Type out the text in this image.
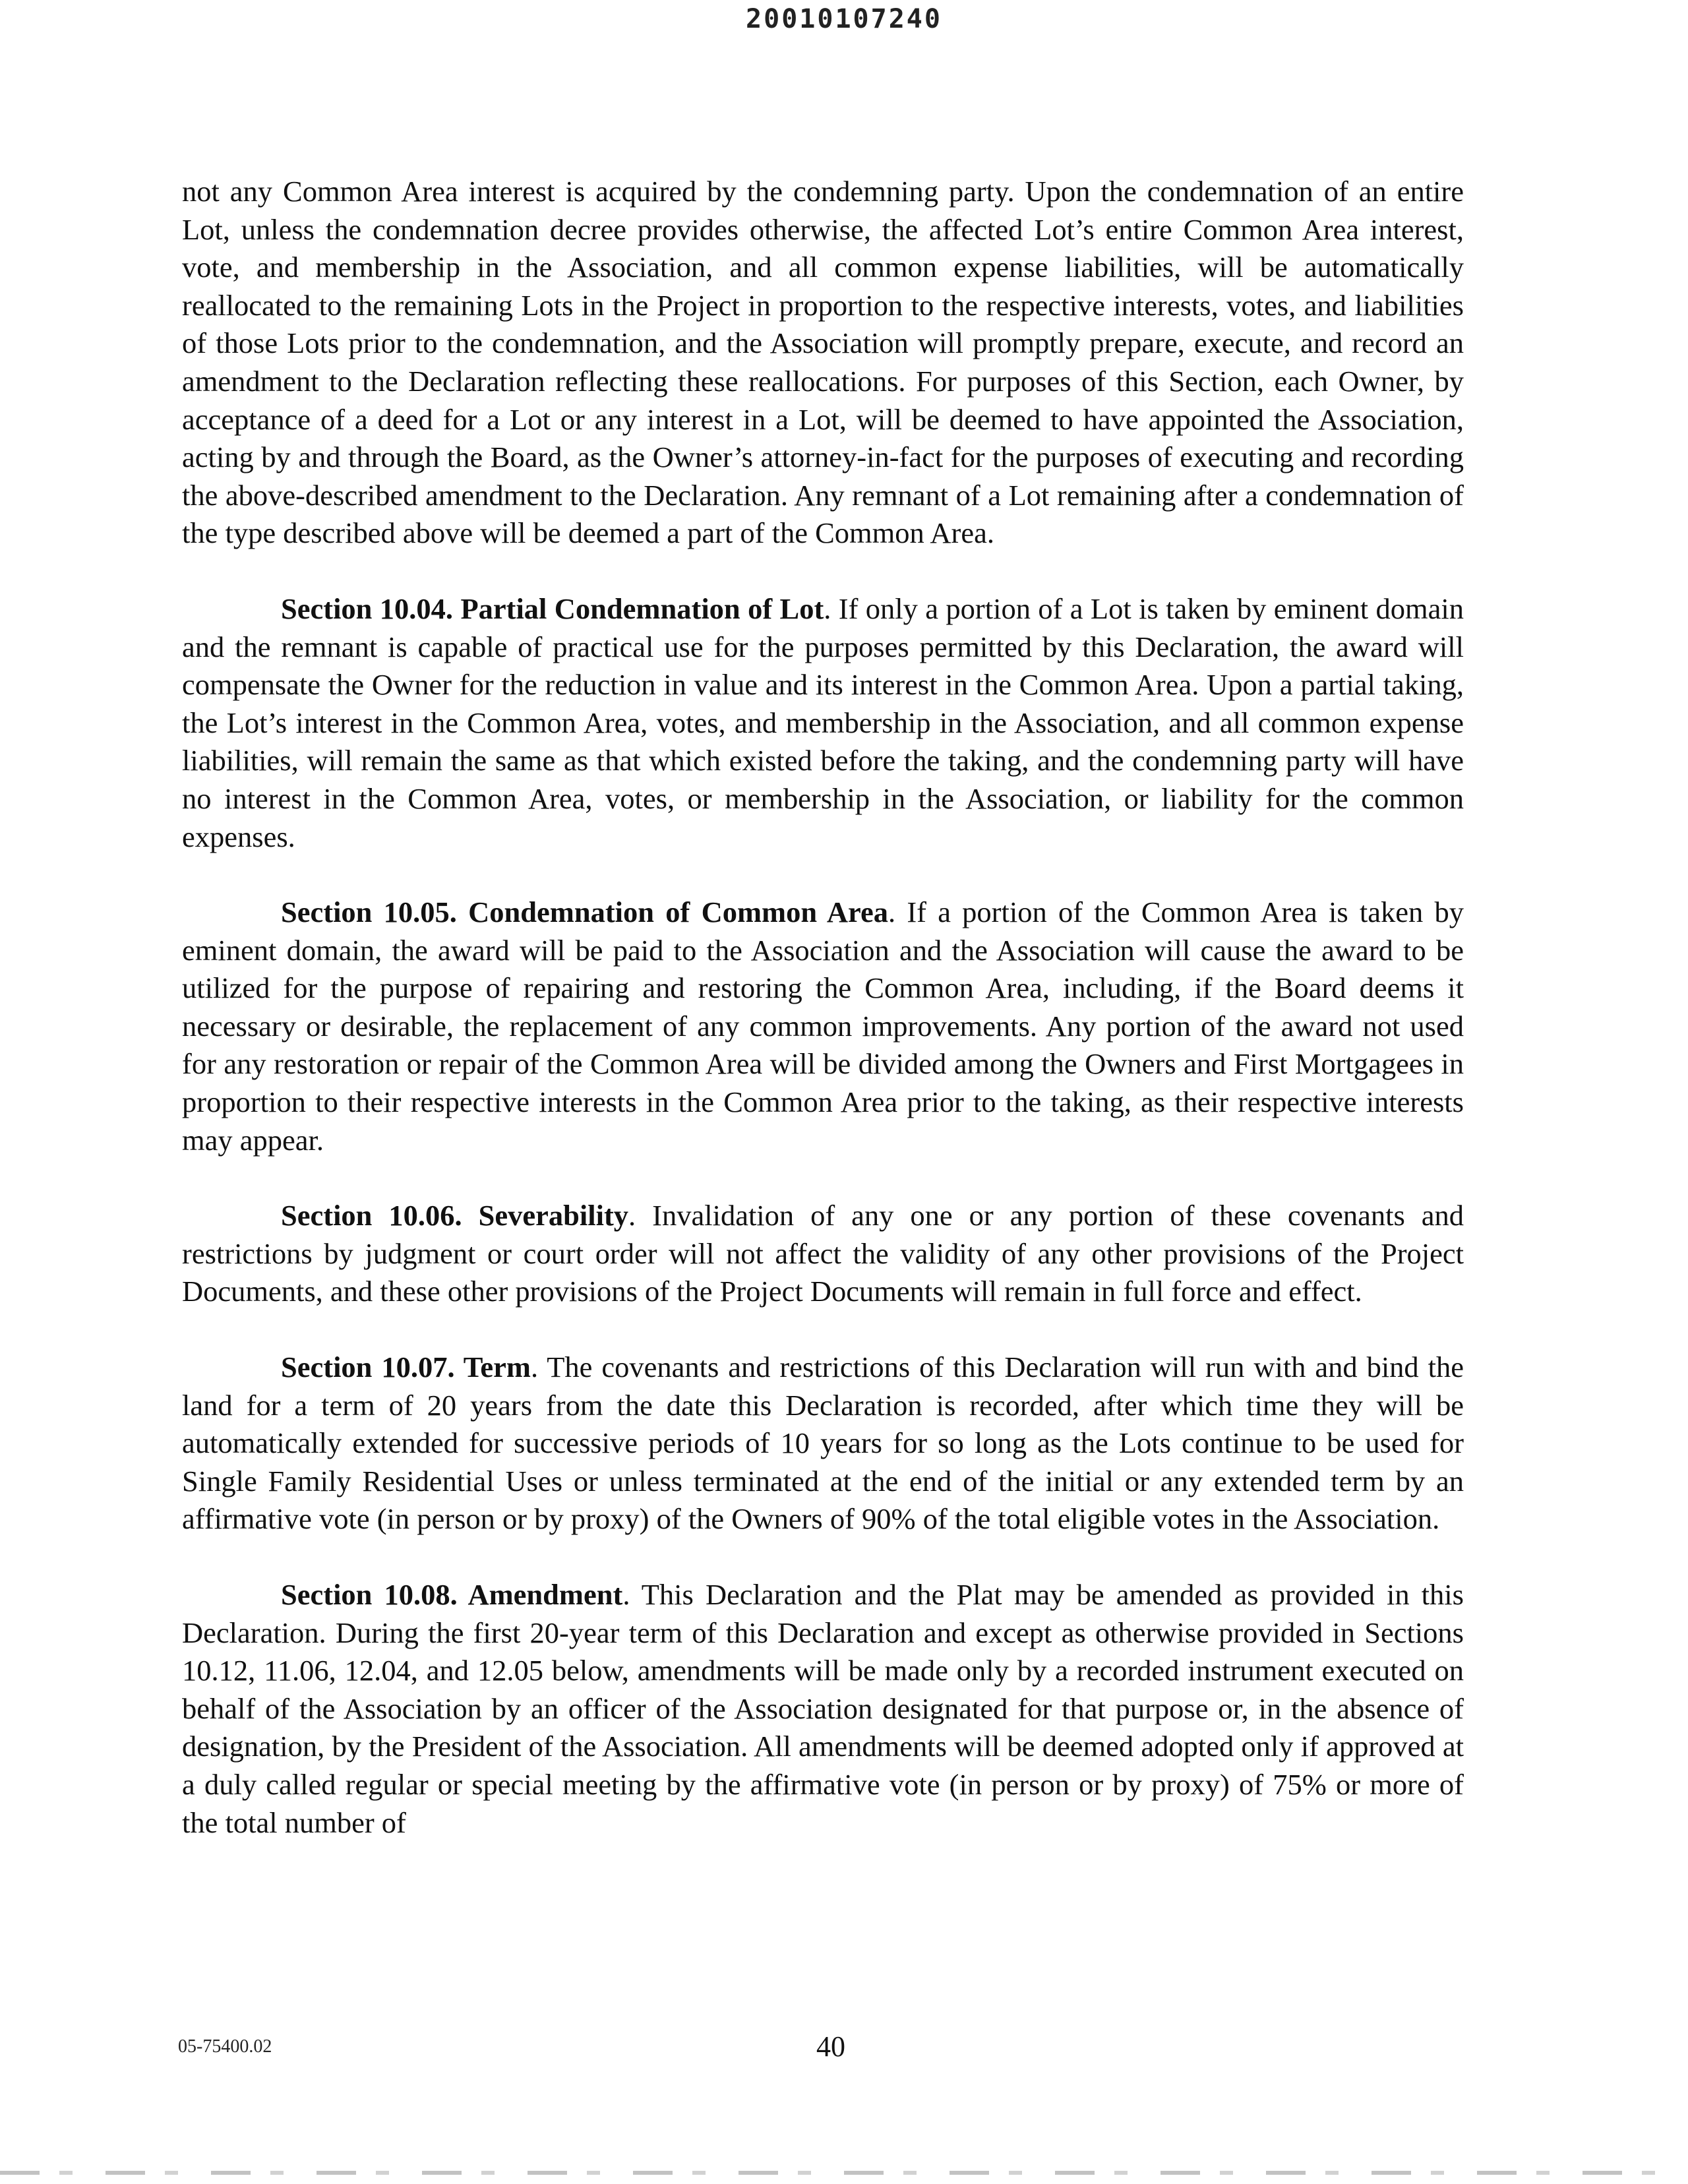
20010107240

not any Common Area interest is acquired by the condemning party. Upon the condemnation of an entire Lot, unless the condemnation decree provides otherwise, the affected Lot’s entire Common Area interest, vote, and membership in the Association, and all common expense liabilities, will be automatically reallocated to the remaining Lots in the Project in proportion to the respective interests, votes, and liabilities of those Lots prior to the condemnation, and the Association will promptly prepare, execute, and record an amendment to the Declaration reflecting these reallocations. For purposes of this Section, each Owner, by acceptance of a deed for a Lot or any interest in a Lot, will be deemed to have appointed the Association, acting by and through the Board, as the Owner’s attorney-in-fact for the purposes of executing and recording the above-described amendment to the Declaration. Any remnant of a Lot remaining after a condemnation of the type described above will be deemed a part of the Common Area.

Section 10.04. Partial Condemnation of Lot. If only a portion of a Lot is taken by eminent domain and the remnant is capable of practical use for the purposes permitted by this Declaration, the award will compensate the Owner for the reduction in value and its interest in the Common Area. Upon a partial taking, the Lot’s interest in the Common Area, votes, and membership in the Association, and all common expense liabilities, will remain the same as that which existed before the taking, and the condemning party will have no interest in the Common Area, votes, or membership in the Association, or liability for the common expenses.

Section 10.05. Condemnation of Common Area. If a portion of the Common Area is taken by eminent domain, the award will be paid to the Association and the Association will cause the award to be utilized for the purpose of repairing and restoring the Common Area, including, if the Board deems it necessary or desirable, the replacement of any common improvements. Any portion of the award not used for any restoration or repair of the Common Area will be divided among the Owners and First Mortgagees in proportion to their respective interests in the Common Area prior to the taking, as their respective interests may appear.

Section 10.06. Severability. Invalidation of any one or any portion of these covenants and restrictions by judgment or court order will not affect the validity of any other provisions of the Project Documents, and these other provisions of the Project Documents will remain in full force and effect.

Section 10.07. Term. The covenants and restrictions of this Declaration will run with and bind the land for a term of 20 years from the date this Declaration is recorded, after which time they will be automatically extended for successive periods of 10 years for so long as the Lots continue to be used for Single Family Residential Uses or unless terminated at the end of the initial or any extended term by an affirmative vote (in person or by proxy) of the Owners of 90% of the total eligible votes in the Association.

Section 10.08. Amendment. This Declaration and the Plat may be amended as provided in this Declaration. During the first 20-year term of this Declaration and except as otherwise provided in Sections 10.12, 11.06, 12.04, and 12.05 below, amendments will be made only by a recorded instrument executed on behalf of the Association by an officer of the Association designated for that purpose or, in the absence of designation, by the President of the Association. All amendments will be deemed adopted only if approved at a duly called regular or special meeting by the affirmative vote (in person or by proxy) of 75% or more of the total number of

05-75400.02	40
